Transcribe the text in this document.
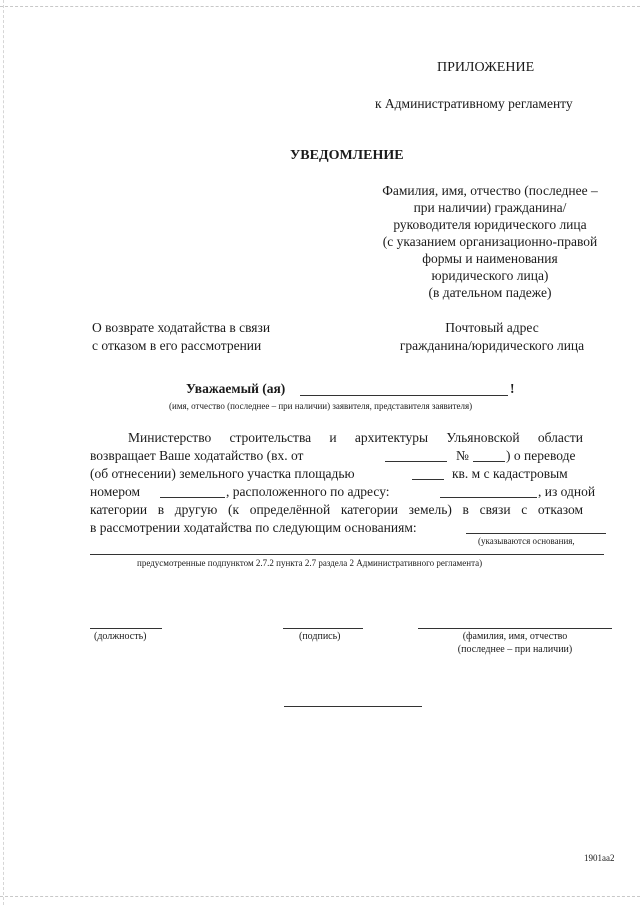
ПРИЛОЖЕНИЕ
к Административному регламенту
УВЕДОМЛЕНИЕ
Фамилия, имя, отчество (последнее –
при наличии) гражданина/
руководителя юридического лица
(с указанием организационно-правой
формы и наименования
юридического лица)
(в дательном падеже)
О возврате ходатайства в связи
с отказом в его рассмотрении
Почтовый адрес
гражданина/юридического лица
Уважаемый (ая)	!
(имя, отчество (последнее – при наличии) заявителя, представителя заявителя)
Министерство строительства и архитектуры Ульяновской области
возвращает Ваше ходатайство (вх. от	№	) о переводе
(об отнесении) земельного участка площадью	кв. м с кадастровым
номером	, расположенного по адресу:	, из одной
категории в другую (к определённой категории земель) в связи с отказом
в рассмотрении ходатайства по следующим основаниям:
(указываются основания,
предусмотренные подпунктом 2.7.2 пункта 2.7 раздела 2 Административного регламента)
(должность)	(подпись)	(фамилия, имя, отчество
(последнее – при наличии)
1901aa2
